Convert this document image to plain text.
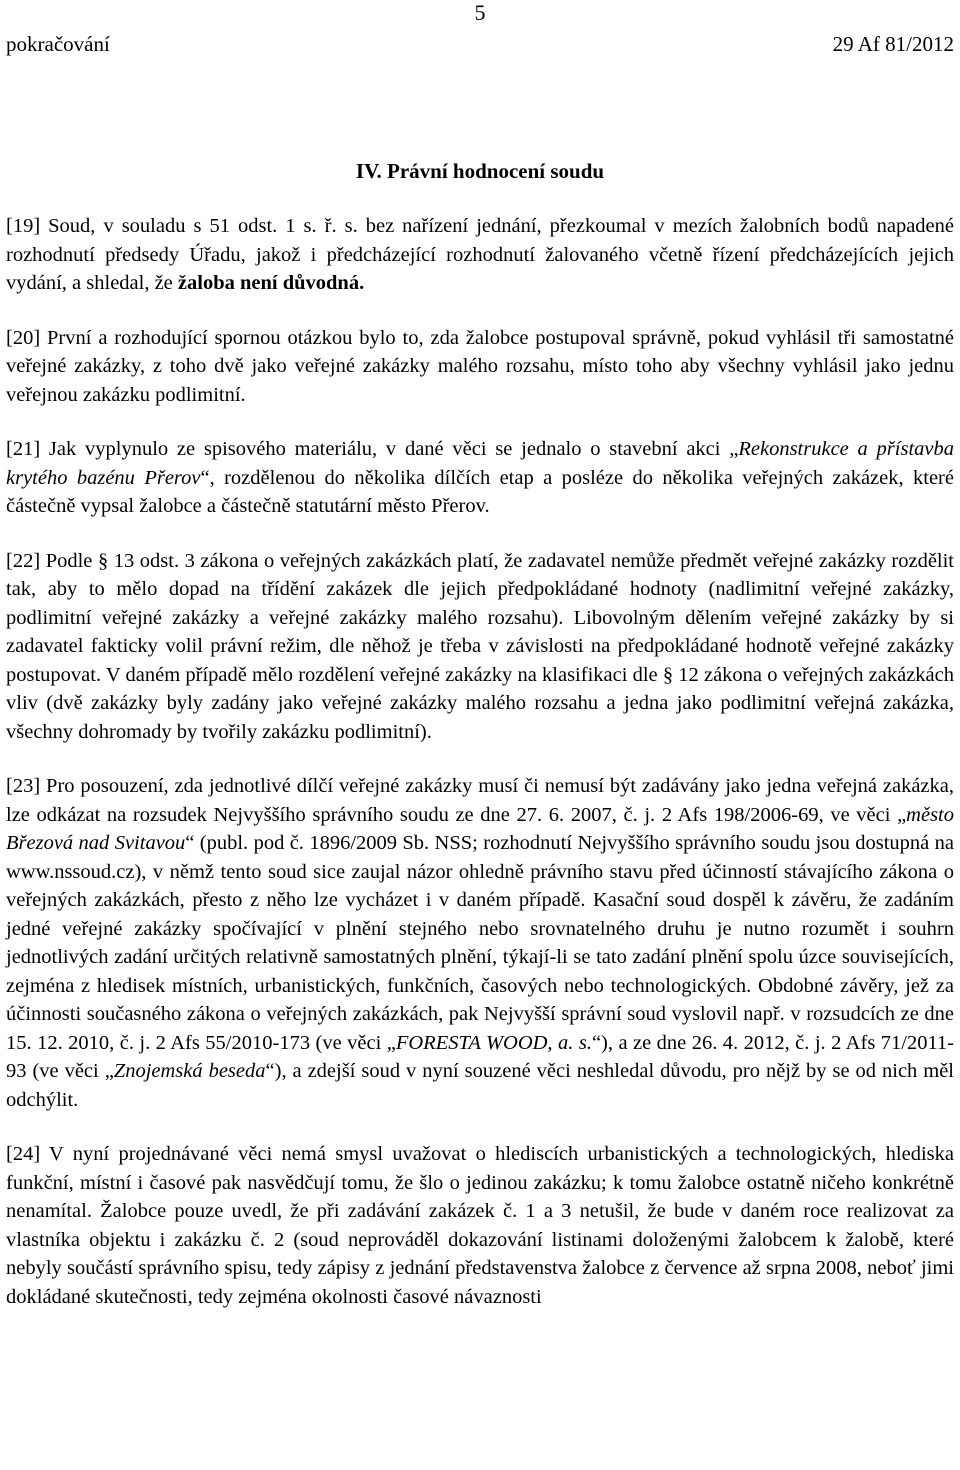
5
pokračování	29 Af 81/2012
IV. Právní hodnocení soudu

[19] Soud, v souladu s 51 odst. 1 s. ř. s. bez nařízení jednání, přezkoumal v mezích žalobních bodů napadené rozhodnutí předsedy Úřadu, jakož i předcházející rozhodnutí žalovaného včetně řízení předcházejících jejich vydání, a shledal, že žaloba není důvodná.

[20] První a rozhodující spornou otázkou bylo to, zda žalobce postupoval správně, pokud vyhlásil tři samostatné veřejné zakázky, z toho dvě jako veřejné zakázky malého rozsahu, místo toho aby všechny vyhlásil jako jednu veřejnou zakázku podlimitní.

[21] Jak vyplynulo ze spisového materiálu, v dané věci se jednalo o stavební akci „Rekonstrukce a přístavba krytého bazénu Přerov“, rozdělenou do několika dílčích etap a posléze do několika veřejných zakázek, které částečně vypsal žalobce a částečně statutární město Přerov.

[22] Podle § 13 odst. 3 zákona o veřejných zakázkách platí, že zadavatel nemůže předmět veřejné zakázky rozdělit tak, aby to mělo dopad na třídění zakázek dle jejich předpokládané hodnoty (nadlimitní veřejné zakázky, podlimitní veřejné zakázky a veřejné zakázky malého rozsahu). Libovolným dělením veřejné zakázky by si zadavatel fakticky volil právní režim, dle něhož je třeba v závislosti na předpokládané hodnotě veřejné zakázky postupovat. V daném případě mělo rozdělení veřejné zakázky na klasifikaci dle § 12 zákona o veřejných zakázkách vliv (dvě zakázky byly zadány jako veřejné zakázky malého rozsahu a jedna jako podlimitní veřejná zakázka, všechny dohromady by tvořily zakázku podlimitní).

[23] Pro posouzení, zda jednotlivé dílčí veřejné zakázky musí či nemusí být zadávány jako jedna veřejná zakázka, lze odkázat na rozsudek Nejvyššího správního soudu ze dne 27. 6. 2007, č. j. 2 Afs 198/2006-69, ve věci „město Březová nad Svitavou“ (publ. pod č. 1896/2009 Sb. NSS; rozhodnutí Nejvyššího správního soudu jsou dostupná na www.nssoud.cz), v němž tento soud sice zaujal názor ohledně právního stavu před účinností stávajícího zákona o veřejných zakázkách, přesto z něho lze vycházet i v daném případě. Kasační soud dospěl k závěru, že zadáním jedné veřejné zakázky spočívající v plnění stejného nebo srovnatelného druhu je nutno rozumět i souhrn jednotlivých zadání určitých relativně samostatných plnění, týkají-li se tato zadání plnění spolu úzce souvisejících, zejména z hledisek místních, urbanistických, funkčních, časových nebo technologických. Obdobné závěry, jež za účinnosti současného zákona o veřejných zakázkách, pak Nejvyšší správní soud vyslovil např. v rozsudcích ze dne 15. 12. 2010, č. j. 2 Afs 55/2010-173 (ve věci „FORESTA WOOD, a. s.“), a ze dne 26. 4. 2012, č. j. 2 Afs 71/2011-93 (ve věci „Znojemská beseda“), a zdejší soud v nyní souzené věci neshledal důvodu, pro nějž by se od nich měl odchýlit.

[24] V nyní projednávané věci nemá smysl uvažovat o hlediscích urbanistických a technologických, hlediska funkční, místní i časové pak nasvědčují tomu, že šlo o jedinou zakázku; k tomu žalobce ostatně ničeho konkrétně nenamítal. Žalobce pouze uvedl, že při zadávání zakázek č. 1 a 3 netušil, že bude v daném roce realizovat za vlastníka objektu i zakázku č. 2 (soud neprováděl dokazování listinami doloženými žalobcem k žalobě, které nebyly součástí správního spisu, tedy zápisy z jednání představenstva žalobce z července až srpna 2008, neboť jimi dokládané skutečnosti, tedy zejména okolnosti časové návaznosti
